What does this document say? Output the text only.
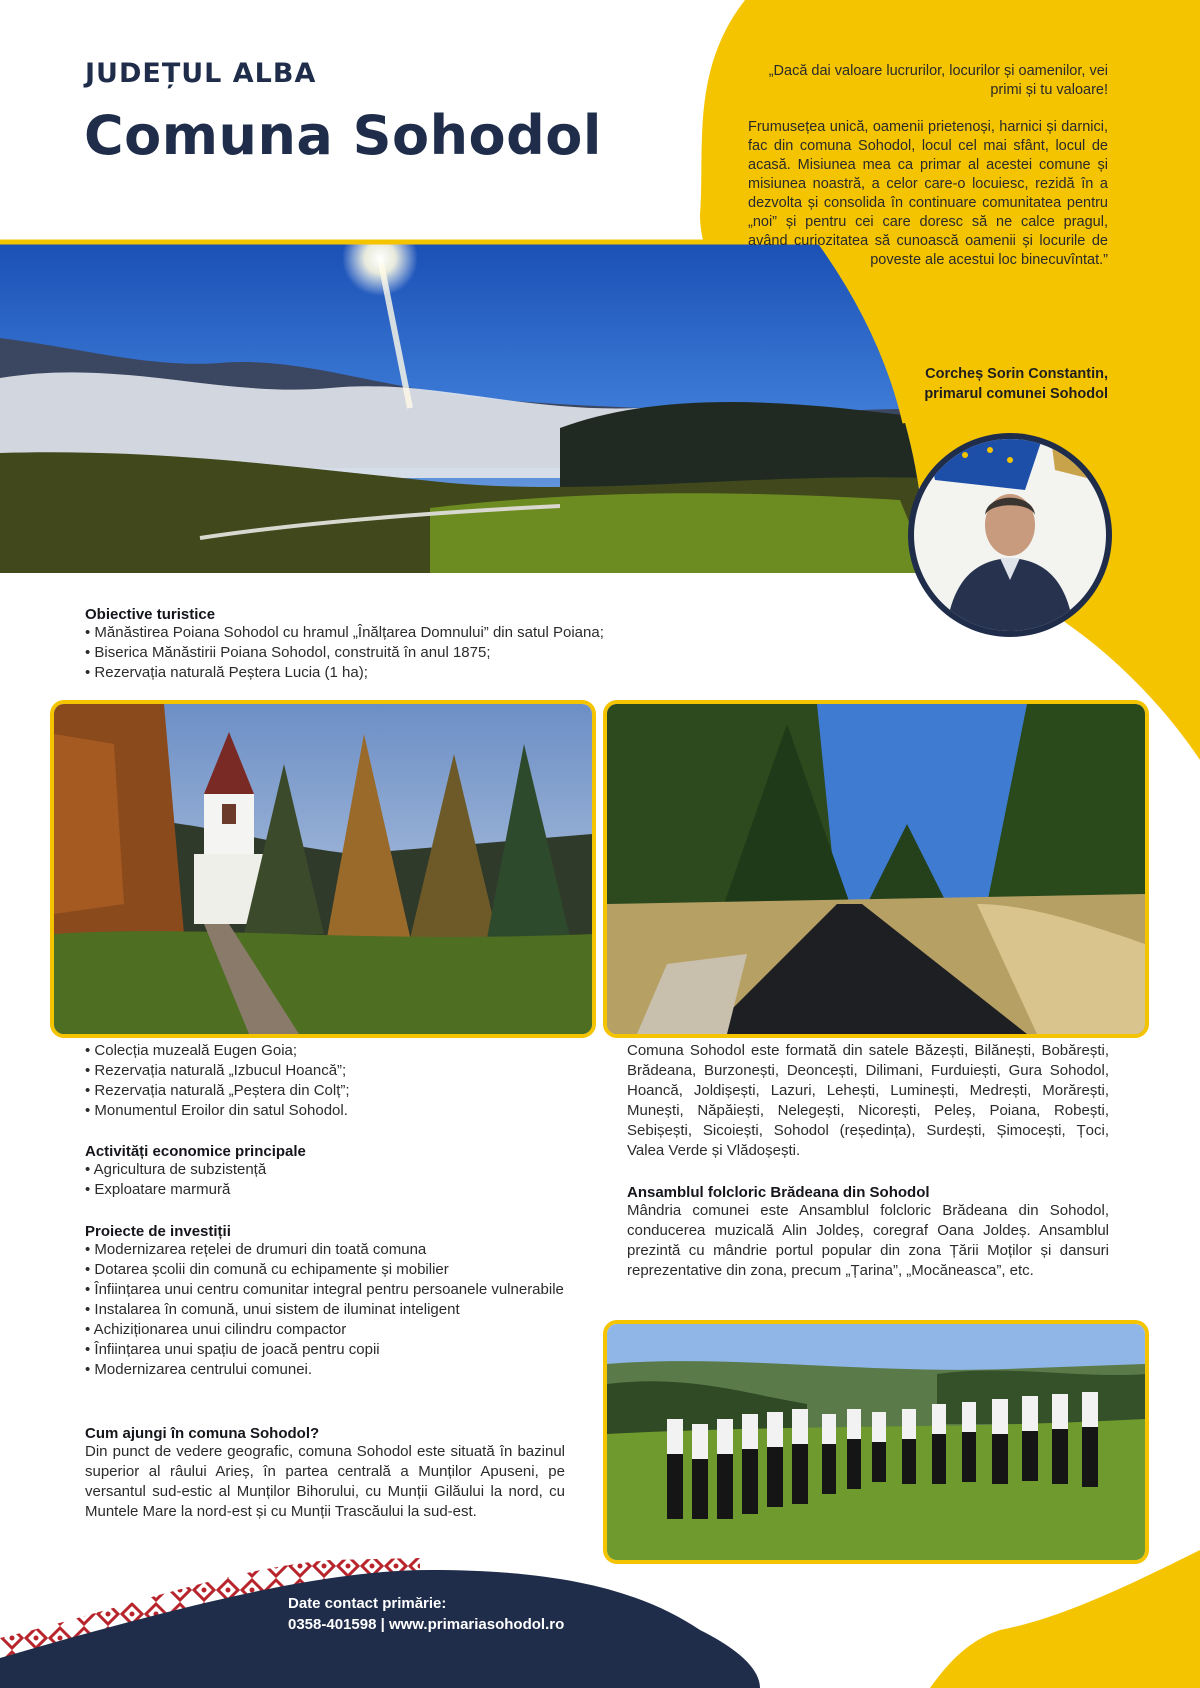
JUDEȚUL ALBA
Comuna Sohodol

„Dacă dai valoare lucrurilor, locurilor și oamenilor, vei primi și tu valoare!

Frumusețea unică, oamenii prietenoși, harnici și darnici, fac din comuna Sohodol, locul cel mai sfânt, locul de acasă. Misiunea mea ca primar al acestei comune și misiunea noastră, a celor care-o locuiesc, rezidă în a dezvolta și consolida în continuare comunitatea pentru „noi” și pentru cei care doresc să ne calce pragul, având curiozitatea să cunoască oamenii și locurile de poveste ale acestui loc binecuvîntat.”

Corcheș Sorin Constantin,
primarul comunei Sohodol

Obiective turistice

• Mănăstirea Poiana Sohodol cu hramul „Înălțarea Domnului” din satul Poiana;
• Biserica Mănăstirii Poiana Sohodol, construită în anul 1875;
• Rezervația naturală Peștera Lucia (1 ha);
• Colecția muzeală Eugen Goia;
• Rezervația naturală „Izbucul Hoancă”;
• Rezervația naturală „Peștera din Colț”;
• Monumentul Eroilor din satul Sohodol.

Activități economice principale

• Agricultura de subzistență
• Exploatare marmură

Proiecte de investiții

• Modernizarea rețelei de drumuri din toată comuna
• Dotarea școlii din comună cu echipamente și mobilier
• Înființarea unui centru comunitar integral pentru persoanele vulnerabile
• Instalarea în comună, unui sistem de iluminat inteligent
• Achiziționarea unui cilindru compactor
• Înființarea unui spațiu de joacă pentru copii
• Modernizarea centrului comunei.

Cum ajungi în comuna Sohodol?

Din punct de vedere geografic, comuna Sohodol este situată în bazinul superior al râului Arieș, în partea centrală a Munților Apuseni, pe versantul sud-estic al Munților Bihorului, cu Munții Gilăului la nord, cu Muntele Mare la nord-est și cu Munții Trascăului la sud-est.

Comuna Sohodol este formată din satele Băzești, Bilănești, Bobărești, Brădeana, Burzonești, Deoncești, Dilimani, Furduiești, Gura Sohodol, Hoancă, Joldișești, Lazuri, Lehești, Luminești, Medrești, Morărești, Munești, Năpăiești, Nelegești, Nicorești, Peleș, Poiana, Robești, Sebișești, Sicoiești, Sohodol (reședința), Surdești, Șimocești, Țoci, Valea Verde și Vlădoșești.

Ansamblul folcloric Brădeana din Sohodol

Mândria comunei este Ansamblul folcloric Brădeana din Sohodol, conducerea muzicală Alin Joldeș, coregraf Oana Joldeș. Ansamblul prezintă cu mândrie portul popular din zona Țării Moților și dansuri reprezentative din zona, precum „Țarina”, „Mocăneasca”, etc.

Date contact primărie:
0358-401598 | www.primariasohodol.ro
